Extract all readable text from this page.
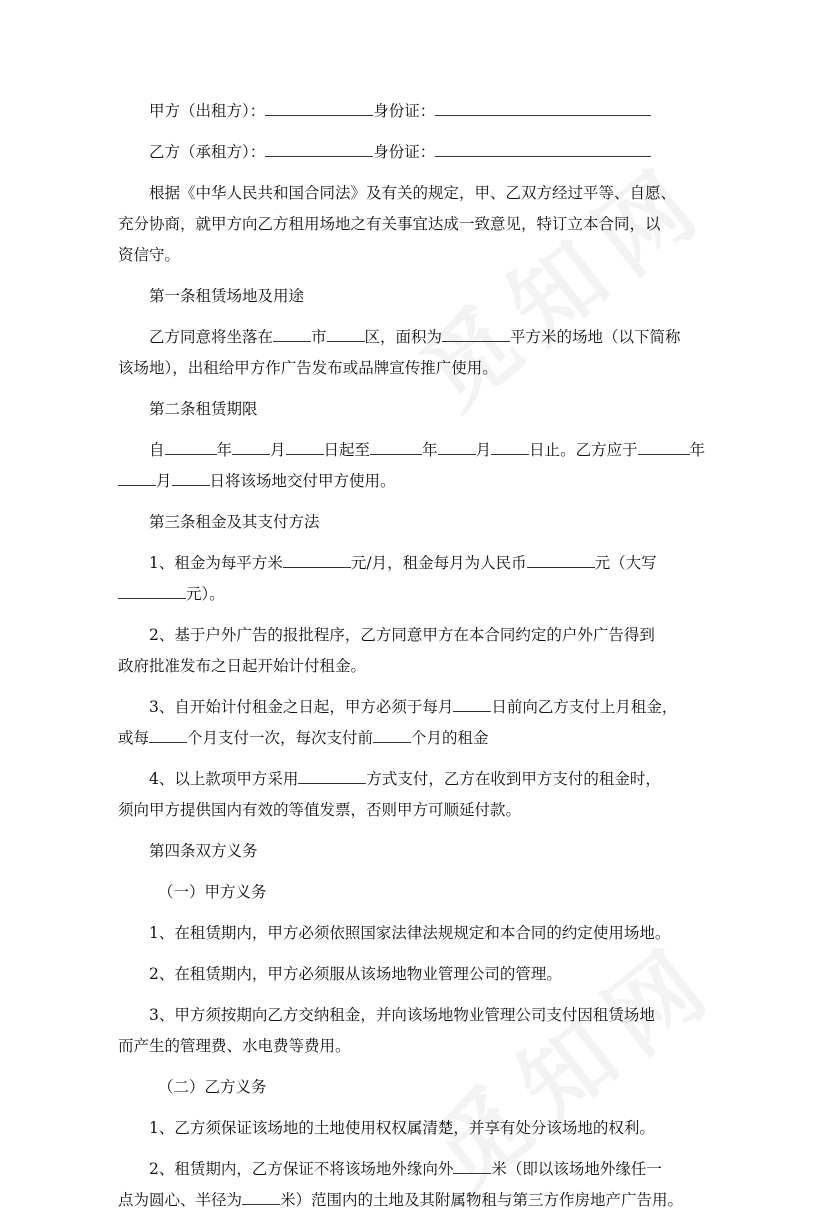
甲方（出租方）：	身份证：
乙方（承租方）：	身份证：
根据《中华人民共和国合同法》及有关的规定，甲、乙双方经过平等、自愿、
充分协商，就甲方向乙方租用场地之有关事宜达成一致意见，特订立本合同，以
资信守。
第一条租赁场地及用途
乙方同意将坐落在 市 区，面积为	平方米的场地（以下简称
该场地），出租给甲方作广告发布或品牌宣传推广使用。
第二条租赁期限
自	年 月 日起至	年 月 日止。乙方应于	年
月 日将该场地交付甲方使用。
第三条租金及其支付方法
1、租金为每平方米	元/月，租金每月为人民币	元（大写
元）。
2、基于户外广告的报批程序，乙方同意甲方在本合同约定的户外广告得到
政府批准发布之日起开始计付租金。
3、自开始计付租金之日起，甲方必须于每月 日前向乙方支付上月租金，
或每 个月支付一次，每次支付前 个月的租金
4、以上款项甲方采用	方式支付，乙方在收到甲方支付的租金时，
须向甲方提供国内有效的等值发票，否则甲方可顺延付款。
第四条双方义务
（一）甲方义务
1、在租赁期内，甲方必须依照国家法律法规规定和本合同的约定使用场地。
2、在租赁期内，甲方必须服从该场地物业管理公司的管理。
3、甲方须按期向乙方交纳租金，并向该场地物业管理公司支付因租赁场地
而产生的管理费、水电费等费用。
（二）乙方义务
1、乙方须保证该场地的土地使用权权属清楚，并享有处分该场地的权利。
2、租赁期内，乙方保证不将该场地外缘向外 米（即以该场地外缘任一
点为圆心、半径为 米）范围内的土地及其附属物租与第三方作房地产广告用。
